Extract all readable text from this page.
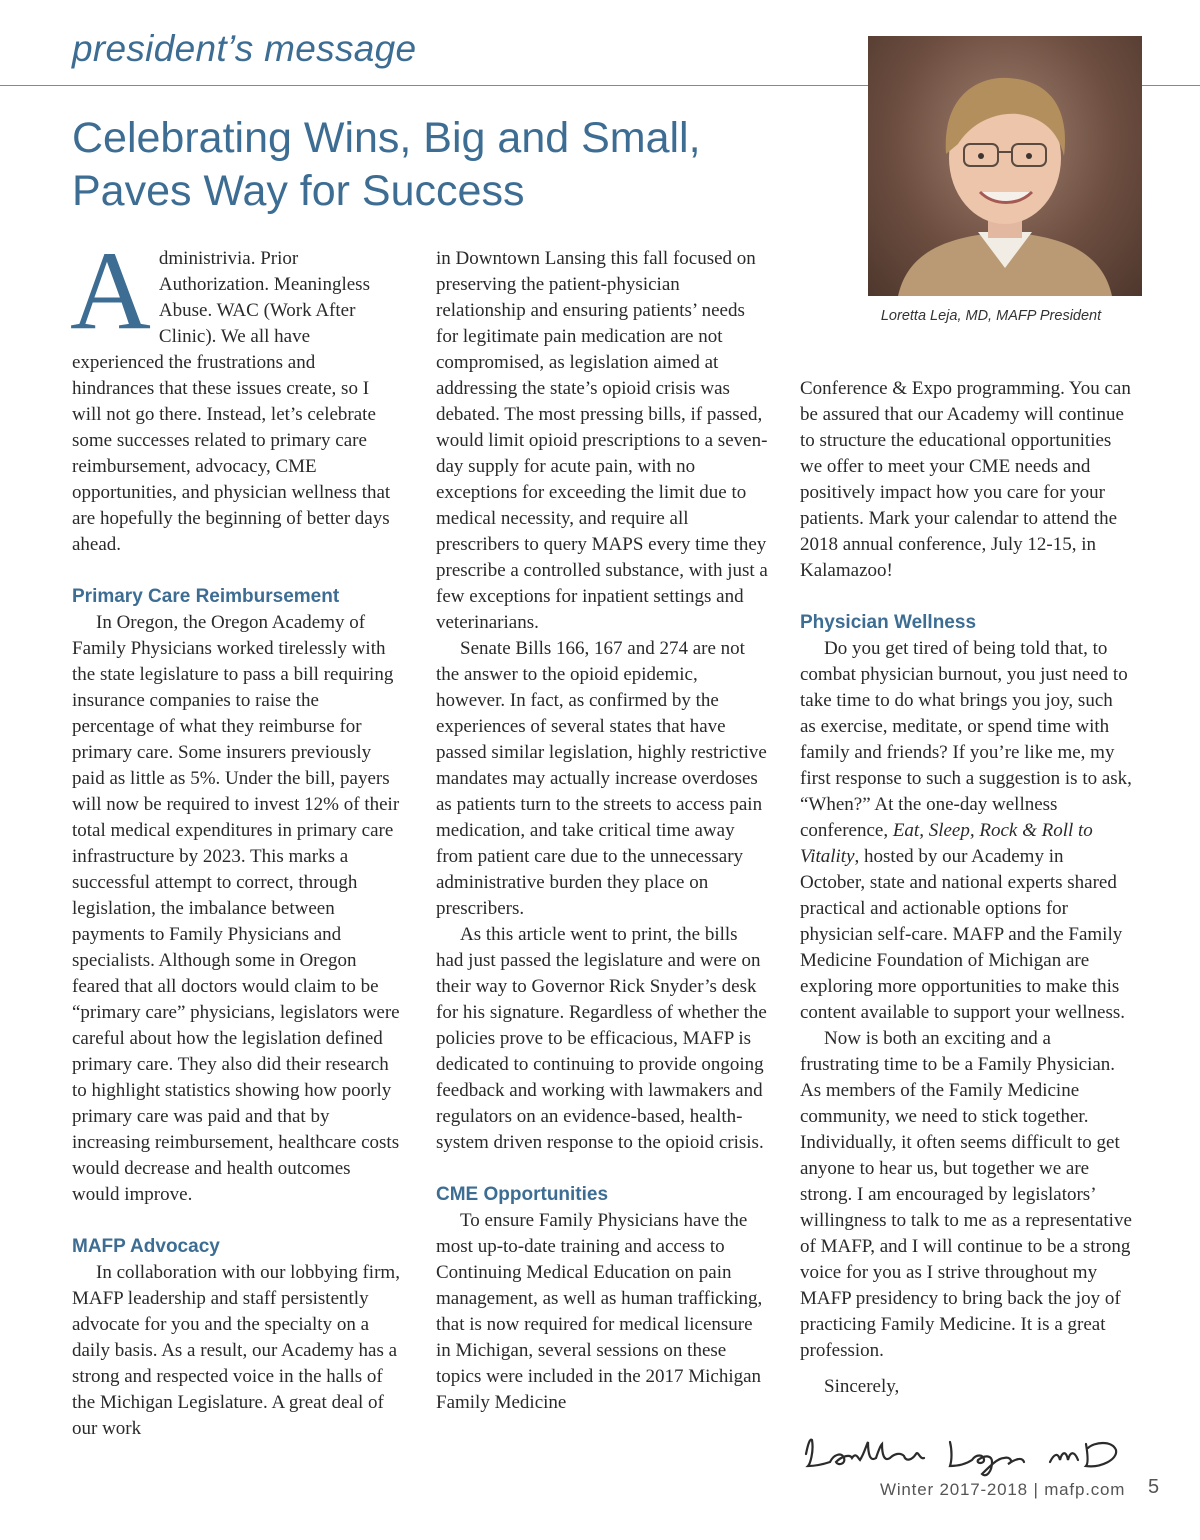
president’s message
Celebrating Wins, Big and Small,
Paves Way for Success
Loretta Leja, MD, MAFP President

A dministrivia. Prior
Authorization. Meaningless
Abuse. WAC (Work After
Clinic). We all have experienced the frustrations and hindrances that these issues create, so I will not go there. Instead, let’s celebrate some successes related to primary care reimbursement, advocacy, CME opportunities, and physician wellness that are hopefully the beginning of better days ahead.

Primary Care Reimbursement

In Oregon, the Oregon Academy of Family Physicians worked tirelessly with the state legislature to pass a bill requiring insurance companies to raise the percentage of what they reimburse for primary care. Some insurers previously paid as little as 5%. Under the bill, payers will now be required to invest 12% of their total medical expenditures in primary care infrastructure by 2023. This marks a successful attempt to correct, through legislation, the imbalance between payments to Family Physicians and specialists. Although some in Oregon feared that all doctors would claim to be “primary care” physicians, legislators were careful about how the legislation defined primary care. They also did their research to highlight statistics showing how poorly primary care was paid and that by increasing reimbursement, healthcare costs would decrease and health outcomes would improve.

MAFP Advocacy

In collaboration with our lobbying firm, MAFP leadership and staff persistently advocate for you and the specialty on a daily basis. As a result, our Academy has a strong and respected voice in the halls of the Michigan Legislature. A great deal of our work

in Downtown Lansing this fall focused on preserving the patient-physician relationship and ensuring patients’ needs for legitimate pain medication are not compromised, as legislation aimed at addressing the state’s opioid crisis was debated. The most pressing bills, if passed, would limit opioid prescriptions to a seven-day supply for acute pain, with no exceptions for exceeding the limit due to medical necessity, and require all prescribers to query MAPS every time they prescribe a controlled substance, with just a few exceptions for inpatient settings and veterinarians.

Senate Bills 166, 167 and 274 are not the answer to the opioid epidemic, however. In fact, as confirmed by the experiences of several states that have passed similar legislation, highly restrictive mandates may actually increase overdoses as patients turn to the streets to access pain medication, and take critical time away from patient care due to the unnecessary administrative burden they place on prescribers.

As this article went to print, the bills had just passed the legislature and were on their way to Governor Rick Snyder’s desk for his signature. Regardless of whether the policies prove to be efficacious, MAFP is dedicated to continuing to provide ongoing feedback and working with lawmakers and regulators on an evidence-based, health-system driven response to the opioid crisis.

CME Opportunities

To ensure Family Physicians have the most up-to-date training and access to Continuing Medical Education on pain management, as well as human trafficking, that is now required for medical licensure in Michigan, several sessions on these topics were included in the 2017 Michigan Family Medicine

Conference & Expo programming. You can be assured that our Academy will continue to structure the educational opportunities we offer to meet your CME needs and positively impact how you care for your patients. Mark your calendar to attend the 2018 annual conference, July 12-15, in Kalamazoo!

Physician Wellness

Do you get tired of being told that, to combat physician burnout, you just need to take time to do what brings you joy, such as exercise, meditate, or spend time with family and friends? If you’re like me, my first response to such a suggestion is to ask, “When?” At the one-day wellness conference, Eat, Sleep, Rock & Roll to Vitality, hosted by our Academy in October, state and national experts shared practical and actionable options for physician self-care. MAFP and the Family Medicine Foundation of Michigan are exploring more opportunities to make this content available to support your wellness.

Now is both an exciting and a frustrating time to be a Family Physician. As members of the Family Medicine community, we need to stick together. Individually, it often seems difficult to get anyone to hear us, but together we are strong. I am encouraged by legislators’ willingness to talk to me as a representative of MAFP, and I will continue to be a strong voice for you as I strive throughout my MAFP presidency to bring back the joy of practicing Family Medicine. It is a great profession.

Sincerely,

Winter 2017-2018 | mafp.com 5
